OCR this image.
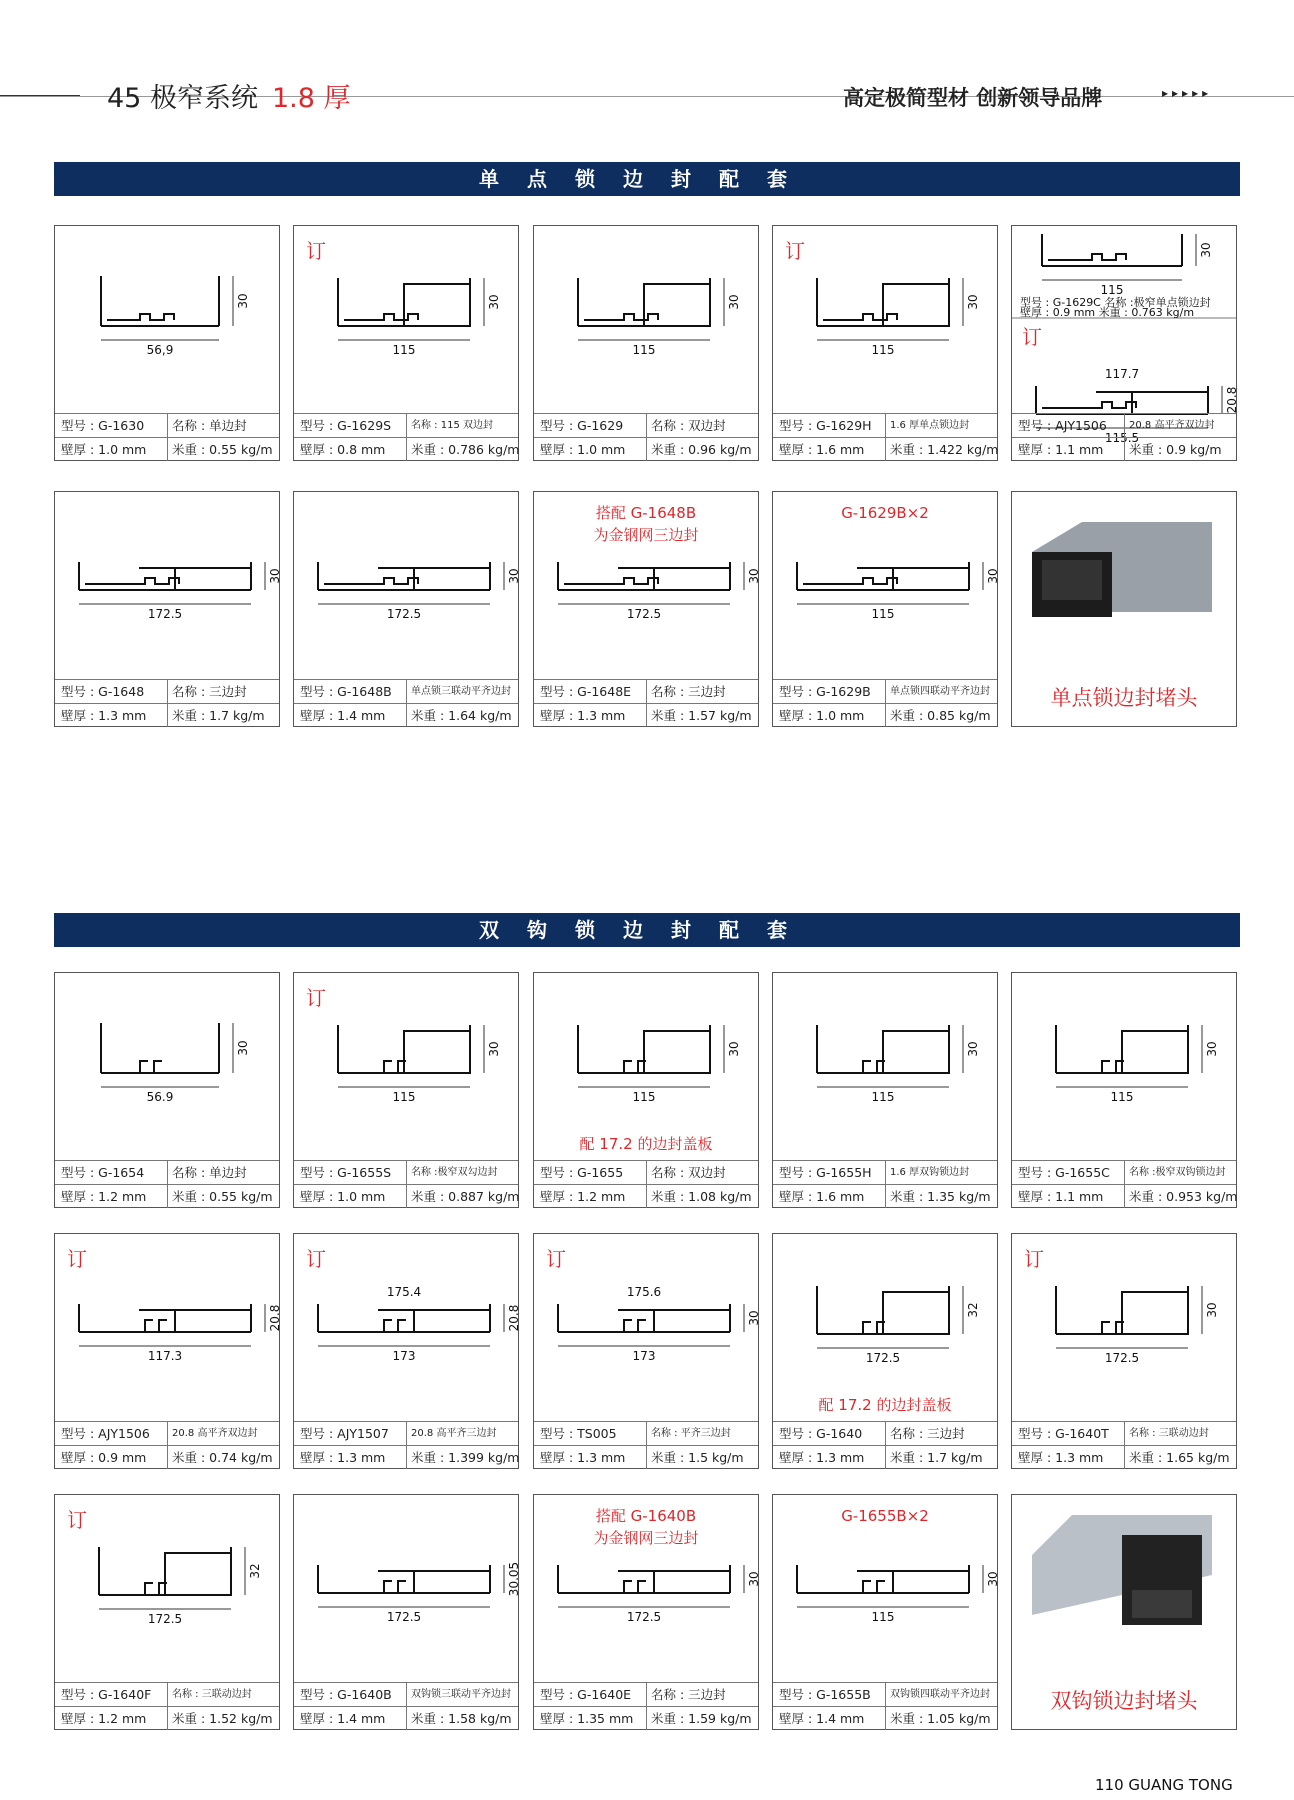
45 极窄系统 1.8 厚	高定极简型材 创新领导品牌	▸▸▸▸▸
单点锁边封配套
双钩锁边封配套
56,9
30
型号 : G-1630	名称 : 单边封
壁厚 : 1.0 mm	米重 : 0.55 kg/m
115
30
订
型号 : G-1629S	名称 : 115 双边封
壁厚 : 0.8 mm	米重 : 0.786 kg/m
115
30
型号 : G-1629	名称 : 双边封
壁厚 : 1.0 mm	米重 : 0.96 kg/m
115
30
订
型号 : G-1629H	1.6 厚单点锁边封
壁厚 : 1.6 mm	米重 : 1.422 kg/m
115
30
型号 : G-1629C 名称 :极窄单点锁边封
壁厚 : 0.9 mm 米重 : 0.763 kg/m
115.5
20.8
117.7
订
型号 : AJY1506	20.8 高平齐双边封
壁厚 : 1.1 mm	米重 : 0.9 kg/m
172.5
30
型号 : G-1648	名称 : 三边封
壁厚 : 1.3 mm	米重 : 1.7 kg/m
172.5
30
型号 : G-1648B	单点锁三联动平齐边封
壁厚 : 1.4 mm	米重 : 1.64 kg/m
172.5
30
搭配 G-1648B
为金钢网三边封
型号 : G-1648E	名称 : 三边封
壁厚 : 1.3 mm	米重 : 1.57 kg/m
115
30
G-1629B×2
型号 : G-1629B	单点锁四联动平齐边封
壁厚 : 1.0 mm	米重 : 0.85 kg/m
单点锁边封堵头
56.9
30
型号 : G-1654	名称 : 单边封
壁厚 : 1.2 mm	米重 : 0.55 kg/m
115
30
订
型号 : G-1655S	名称 :极窄双勾边封
壁厚 : 1.0 mm	米重 : 0.887 kg/m
115
30
配 17.2 的边封盖板
型号 : G-1655	名称 : 双边封
壁厚 : 1.2 mm	米重 : 1.08 kg/m
115
30
型号 : G-1655H	1.6 厚双钩锁边封
壁厚 : 1.6 mm	米重 : 1.35 kg/m
115
30
型号 : G-1655C	名称 :极窄双钩锁边封
壁厚 : 1.1 mm	米重 : 0.953 kg/m
117.3
20.8
订
型号 : AJY1506	20.8 高平齐双边封
壁厚 : 0.9 mm	米重 : 0.74 kg/m
173
20.8
175.4
订
型号 : AJY1507	20.8 高平齐三边封
壁厚 : 1.3 mm	米重 : 1.399 kg/m
173
30
175.6
订
型号 : TS005	名称 : 平齐三边封
壁厚 : 1.3 mm	米重 : 1.5 kg/m
172.5
32
配 17.2 的边封盖板
型号 : G-1640	名称 : 三边封
壁厚 : 1.3 mm	米重 : 1.7 kg/m
172.5
30
订
型号 : G-1640T	名称 : 三联动边封
壁厚 : 1.3 mm	米重 : 1.65 kg/m
172.5
32
订
型号 : G-1640F	名称 : 三联动边封
壁厚 : 1.2 mm	米重 : 1.52 kg/m
172.5
30.05
型号 : G-1640B	双钩锁三联动平齐边封
壁厚 : 1.4 mm	米重 : 1.58 kg/m
172.5
30
搭配 G-1640B
为金钢网三边封
型号 : G-1640E	名称 : 三边封
壁厚 : 1.35 mm	米重 : 1.59 kg/m
115
30
G-1655B×2
型号 : G-1655B	双钩锁四联动平齐边封
壁厚 : 1.4 mm	米重 : 1.05 kg/m
双钩锁边封堵头
110 GUANG TONG
